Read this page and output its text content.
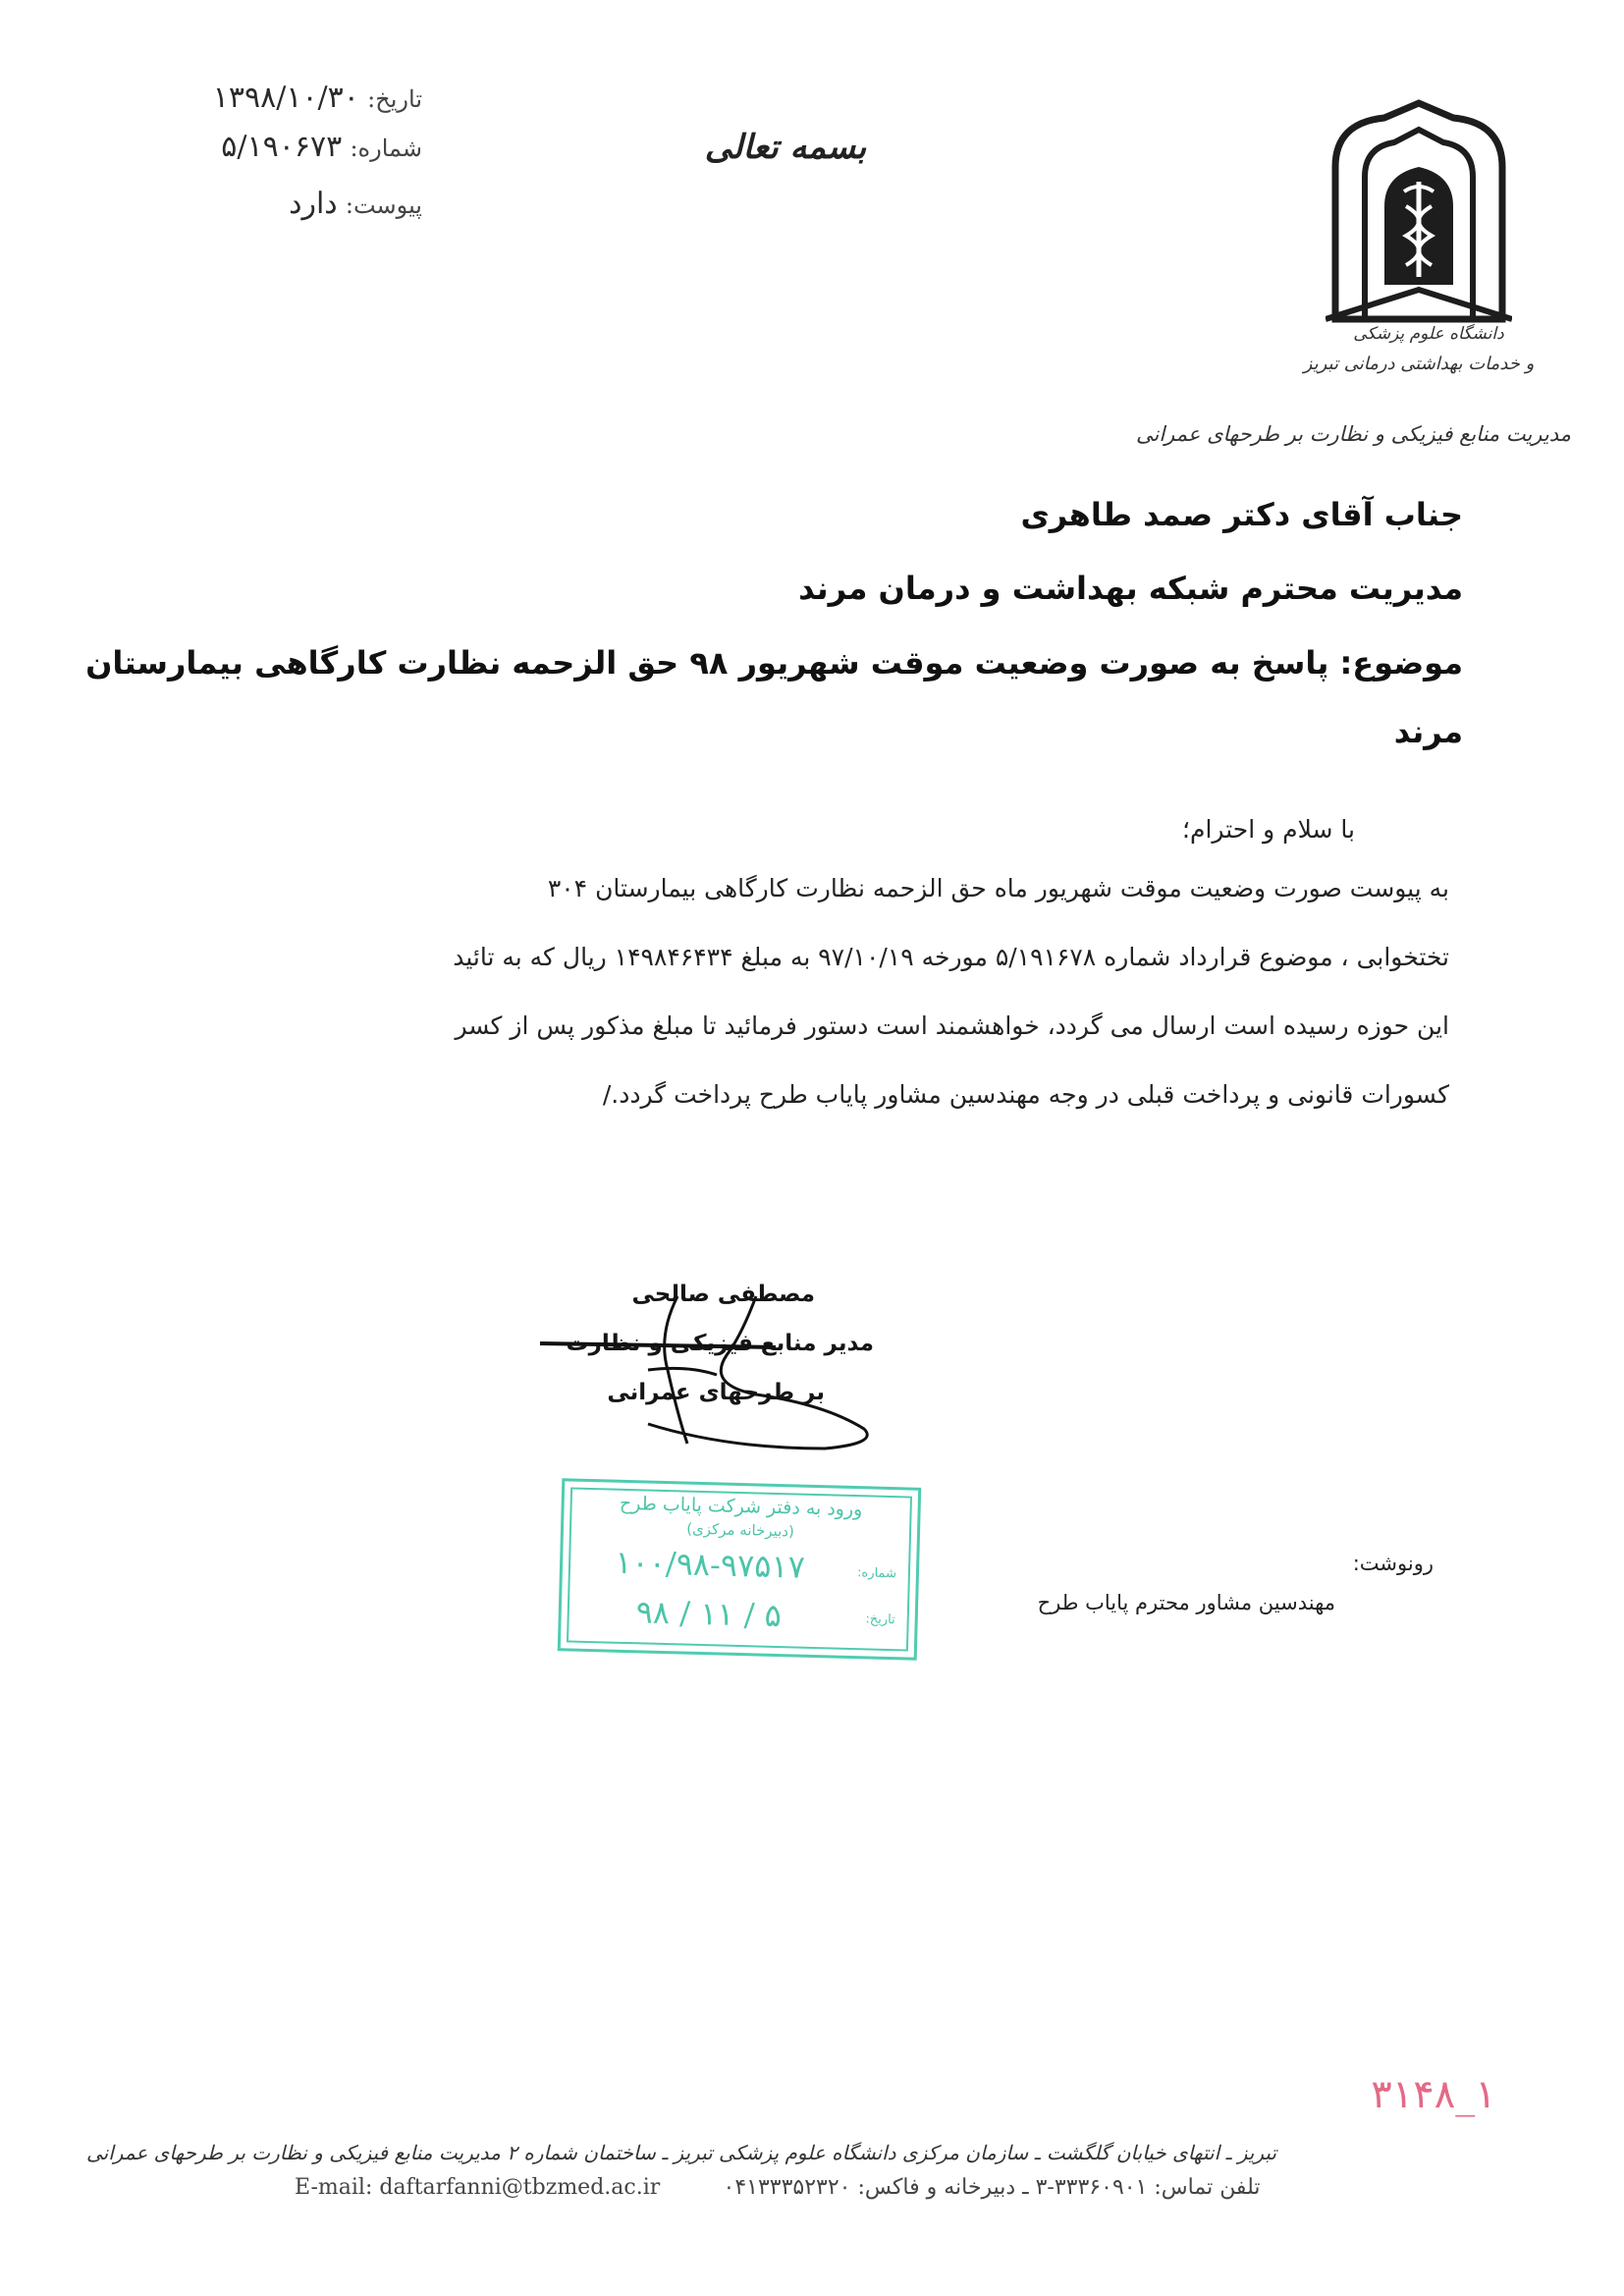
تاریخ: ۱۳۹۸/۱۰/۳۰
شماره: ۵/۱۹۰۶۷۳
پیوست: دارد
بسمه تعالی
دانشگاه علوم پزشکی
و خدمات بهداشتی درمانی تبریز
مدیریت منابع فیزیکی و نظارت بر طرحهای عمرانی
جناب آقای دکتر صمد طاهری
مدیریت محترم شبکه بهداشت و درمان مرند
موضوع: پاسخ به صورت وضعیت موقت شهریور ۹۸ حق الزحمه نظارت کارگاهی بیمارستان
مرند
با سلام و احترام؛
به پیوست صورت وضعیت موقت شهریور ماه حق الزحمه نظارت کارگاهی بیمارستان ۳۰۴
تختخوابی ، موضوع قرارداد شماره ۵/۱۹۱۶۷۸ مورخه ۹۷/۱۰/۱۹ به مبلغ ۱۴۹۸۴۶۴۳۴ ریال که به تائید
این حوزه رسیده است ارسال می گردد، خواهشمند است دستور فرمائید تا مبلغ مذکور پس از کسر
کسورات قانونی و پرداخت قبلی در وجه مهندسین مشاور پایاب طرح پرداخت گردد./
مصطفی صالحی
مدیر منابع فیزیکی و نظارت
بر طرحهای عمرانی
ورود به دفتر شرکت پایاب طرح
(دبیرخانه مرکزی)
۱۰۰/۹۸-۹۷۵۱۷
۹۸ / ۱۱ / ۵
شماره:
تاریخ:
رونوشت:
مهندسین مشاور محترم پایاب طرح
۳۱۴۸_۱
تبریز ـ انتهای خیابان گلگشت ـ سازمان مرکزی دانشگاه علوم پزشکی تبریز ـ ساختمان شماره ۲ مدیریت منابع فیزیکی و نظارت بر طرحهای عمرانی
تلفن تماس: ۳۳۳۶۰۹۰۱-۳ ـ دبیرخانه و فاکس: ۰۴۱۳۳۳۵۲۳۲۰
E-mail: daftarfanni@tbzmed.ac.ir
